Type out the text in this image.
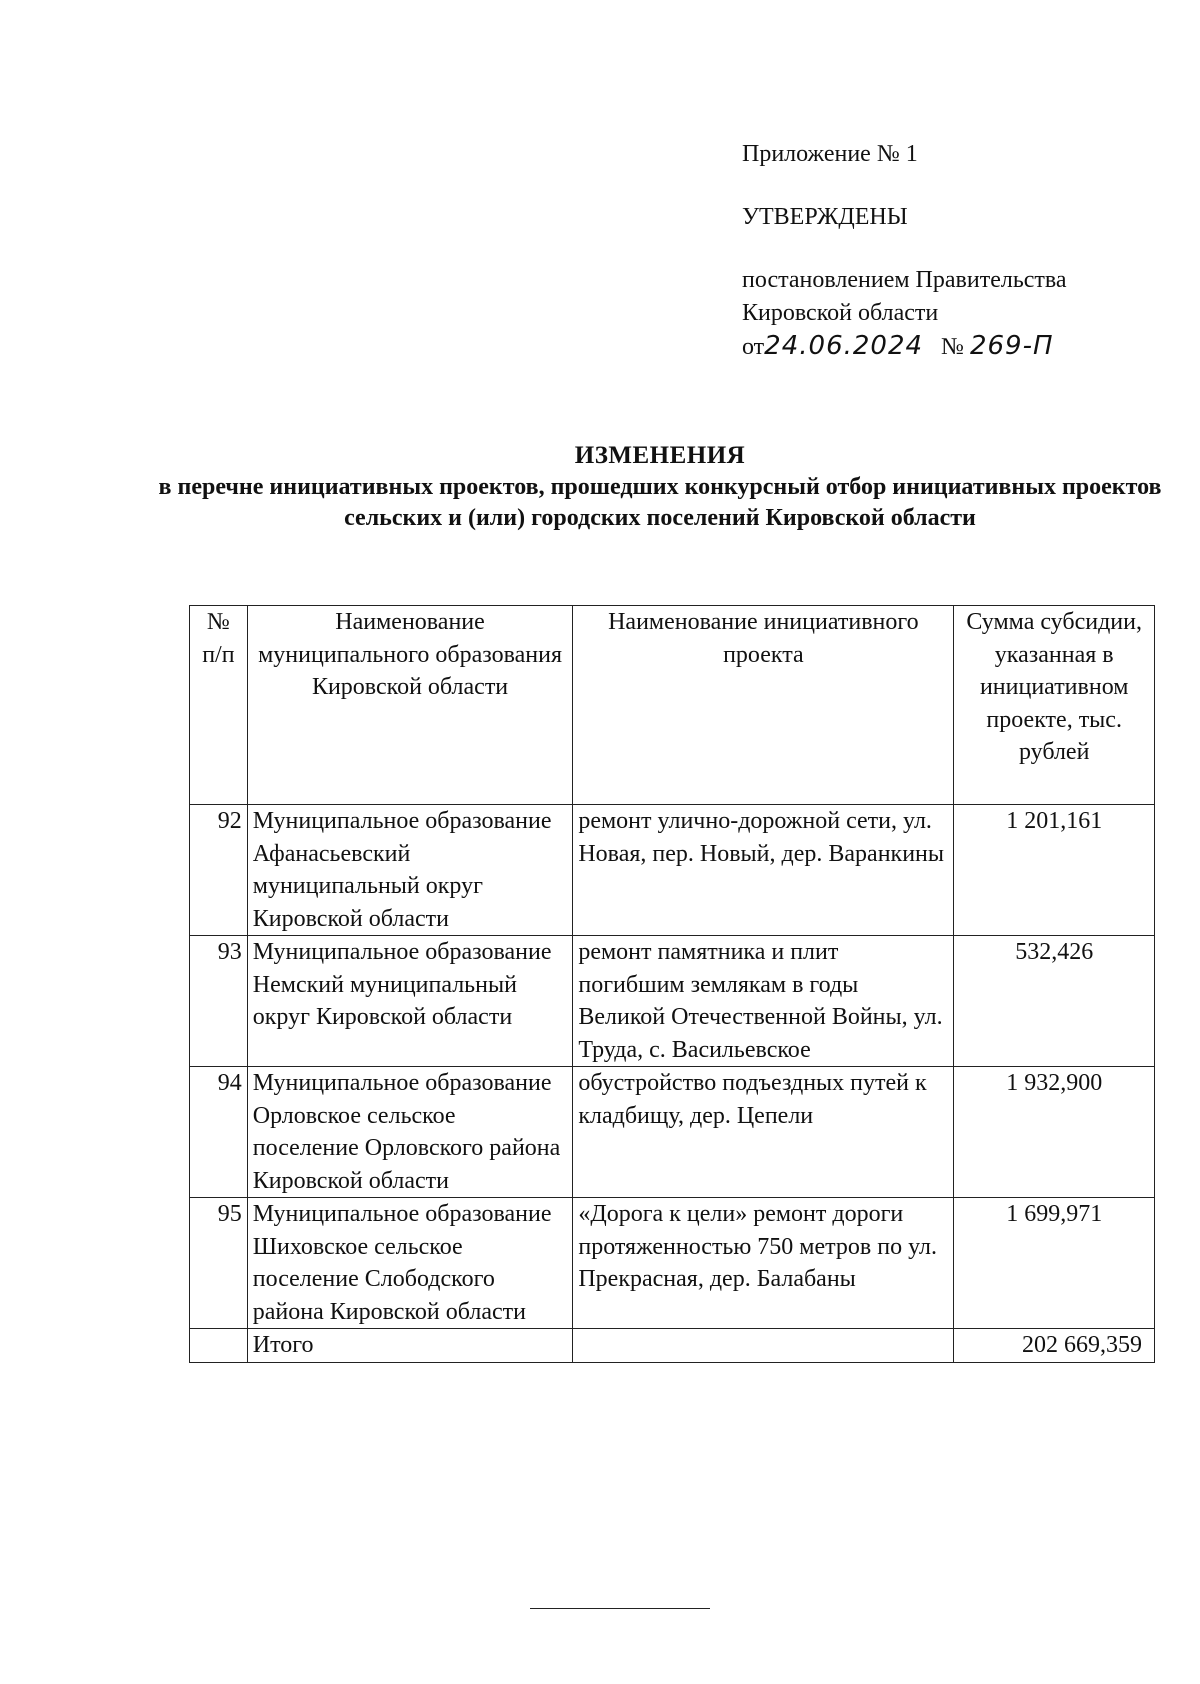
Приложение № 1
УТВЕРЖДЕНЫ
постановлением Правительства
Кировской области
от24.06.2024 № 269-П
ИЗМЕНЕНИЯ
в перечне инициативных проектов, прошедших конкурсный отбор инициативных проектов сельских и (или) городских поселений Кировской области
№ п/п	Наименование муниципального образования Кировской области	Наименование инициативного проекта	Сумма субсидии, указанная в инициативном проекте, тыс. рублей
92	Муниципальное образование Афанасьевский муниципальный округ Кировской области	ремонт улично-дорожной сети, ул. Новая, пер. Новый, дер. Варанкины	1 201,161
93	Муниципальное образование Немский муниципальный округ Кировской области	ремонт памятника и плит погибшим землякам в годы Великой Отечественной Войны, ул. Труда, с. Васильевское	532,426
94	Муниципальное образование Орловское сельское поселение Орловского района Кировской области	обустройство подъездных путей к кладбищу, дер. Цепели	1 932,900
95	Муниципальное образование Шиховское сельское поселение Слободского района Кировской области	«Дорога к цели» ремонт дороги протяженностью 750 метров по ул. Прекрасная, дер. Балабаны	1 699,971
	Итого		202 669,359
